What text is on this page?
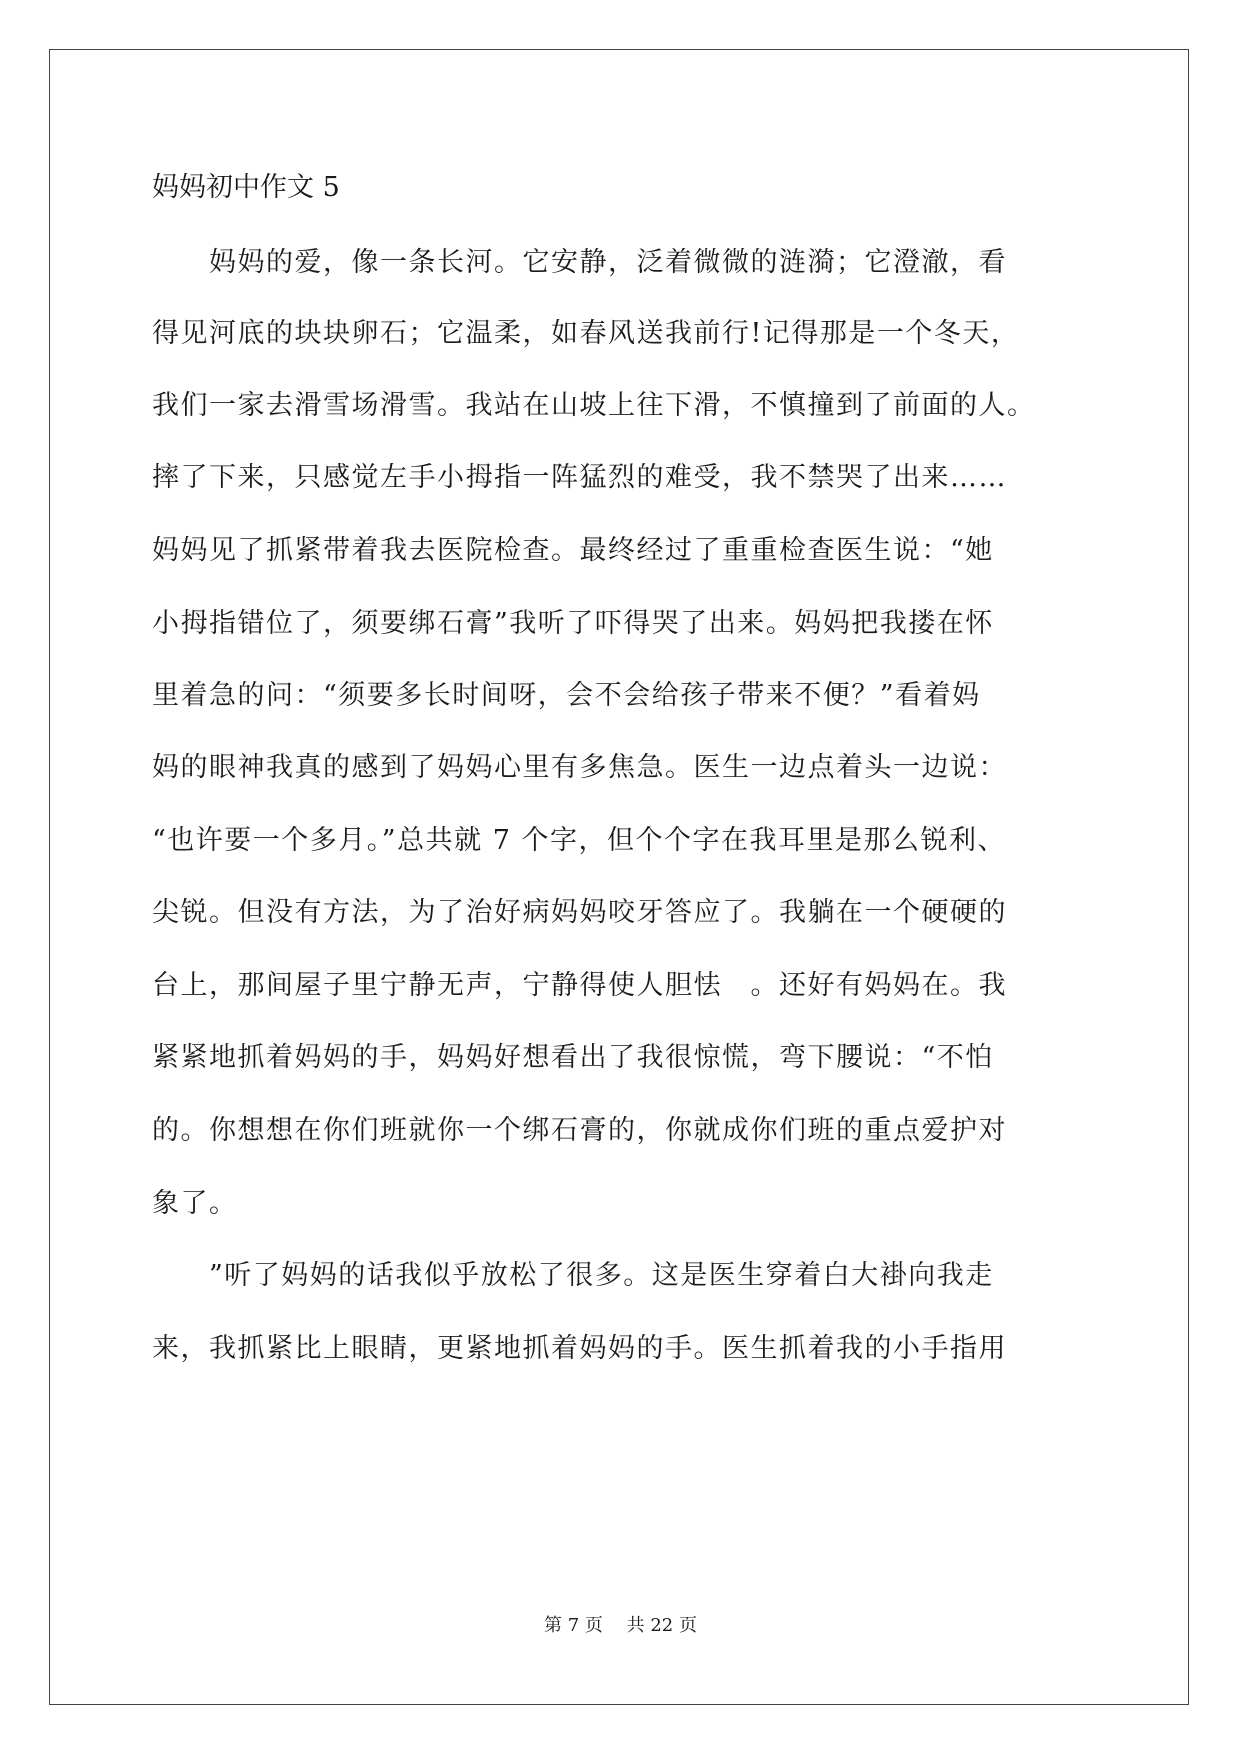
妈妈初中作文 5
　　妈妈的爱，像一条长河。它安静，泛着微微的涟漪；它澄澈，看
得见河底的块块卵石；它温柔，如春风送我前行!记得那是一个冬天，
我们一家去滑雪场滑雪。我站在山坡上往下滑，不慎撞到了前面的人。
摔了下来，只感觉左手小拇指一阵猛烈的难受，我不禁哭了出来……
妈妈见了抓紧带着我去医院检查。最终经过了重重检查医生说：“她
小拇指错位了，须要绑石膏”我听了吓得哭了出来。妈妈把我搂在怀
里着急的问：“须要多长时间呀，会不会给孩子带来不便？”看着妈
妈的眼神我真的感到了妈妈心里有多焦急。医生一边点着头一边说：
“也许要一个多月。”总共就 7 个字，但个个字在我耳里是那么锐利、
尖锐。但没有方法，为了治好病妈妈咬牙答应了。我躺在一个硬硬的
台上，那间屋子里宁静无声，宁静得使人胆怯　。还好有妈妈在。我
紧紧地抓着妈妈的手，妈妈好想看出了我很惊慌，弯下腰说：“不怕
的。你想想在你们班就你一个绑石膏的，你就成你们班的重点爱护对
象了。
　　”听了妈妈的话我似乎放松了很多。这是医生穿着白大褂向我走
来，我抓紧比上眼睛，更紧地抓着妈妈的手。医生抓着我的小手指用
第 7 页　 共 22 页
